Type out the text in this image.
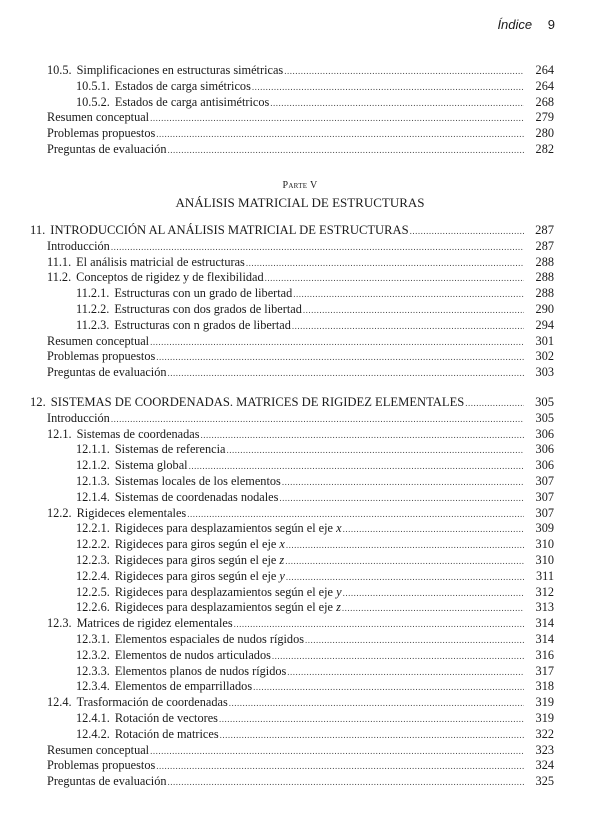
Índice 9
10.5. Simplificaciones en estructuras simétricas .....	264
10.5.1. Estados de carga simétricos .....	264
10.5.2. Estados de carga antisimétricos .....	268
Resumen conceptual .....	279
Problemas propuestos .....	280
Preguntas de evaluación .....	282
Parte V
ANÁLISIS MATRICIAL DE ESTRUCTURAS
11. INTRODUCCIÓN AL ANÁLISIS MATRICIAL DE ESTRUCTURAS .....	287
Introducción .....	287
11.1. El análisis matricial de estructuras .....	288
11.2. Conceptos de rigidez y de flexibilidad .....	288
11.2.1. Estructuras con un grado de libertad .....	288
11.2.2. Estructuras con dos grados de libertad .....	290
11.2.3. Estructuras con n grados de libertad .....	294
Resumen conceptual .....	301
Problemas propuestos .....	302
Preguntas de evaluación .....	303
12. SISTEMAS DE COORDENADAS. MATRICES DE RIGIDEZ ELEMENTALES .....	305
Introducción .....	305
12.1. Sistemas de coordenadas .....	306
12.1.1. Sistemas de referencia .....	306
12.1.2. Sistema global .....	306
12.1.3. Sistemas locales de los elementos .....	307
12.1.4. Sistemas de coordenadas nodales .....	307
12.2. Rigideces elementales .....	307
12.2.1. Rigideces para desplazamientos según el eje
x .....	309
12.2.2. Rigideces para giros según el eje
x .....	310
12.2.3. Rigideces para giros según el eje
z .....	310
12.2.4. Rigideces para giros según el eje
y .....	311
12.2.5. Rigideces para desplazamientos según el eje
y .....	312
12.2.6. Rigideces para desplazamientos según el eje
z .....	313
12.3. Matrices de rigidez elementales .....	314
12.3.1. Elementos espaciales de nudos rígidos .....	314
12.3.2. Elementos de nudos articulados .....	316
12.3.3. Elementos planos de nudos rígidos .....	317
12.3.4. Elementos de emparrillados .....	318
12.4. Trasformación de coordenadas .....	319
12.4.1. Rotación de vectores .....	319
12.4.2. Rotación de matrices .....	322
Resumen conceptual .....	323
Problemas propuestos .....	324
Preguntas de evaluación .....	325
